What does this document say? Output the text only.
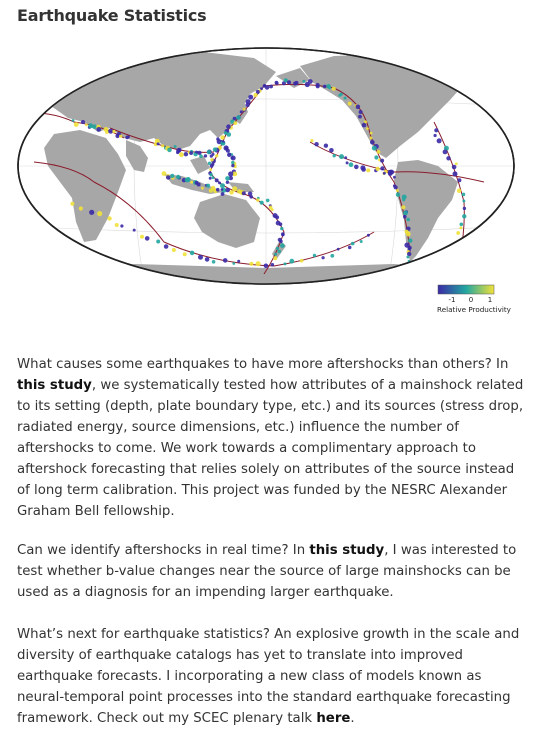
Earthquake Statistics
-1 0 1
Relative Productivity

What causes some earthquakes to have more aftershocks than others? In this study, we systematically tested how attributes of a mainshock related to its setting (depth, plate boundary type, etc.) and its sources (stress drop, radiated energy, source dimensions, etc.) influence the number of aftershocks to come. We work towards a complimentary approach to aftershock forecasting that relies solely on attributes of the source instead of long term calibration. This project was funded by the NESRC Alexander Graham Bell fellowship.

Can we identify aftershocks in real time? In this study, I was interested to test whether b-value changes near the source of large mainshocks can be used as a diagnosis for an impending larger earthquake.

What’s next for earthquake statistics? An explosive growth in the scale and diversity of earthquake catalogs has yet to translate into improved earthquake forecasts. I incorporating a new class of models known as neural-temporal point processes into the standard earthquake forecasting framework. Check out my SCEC plenary talk here.
